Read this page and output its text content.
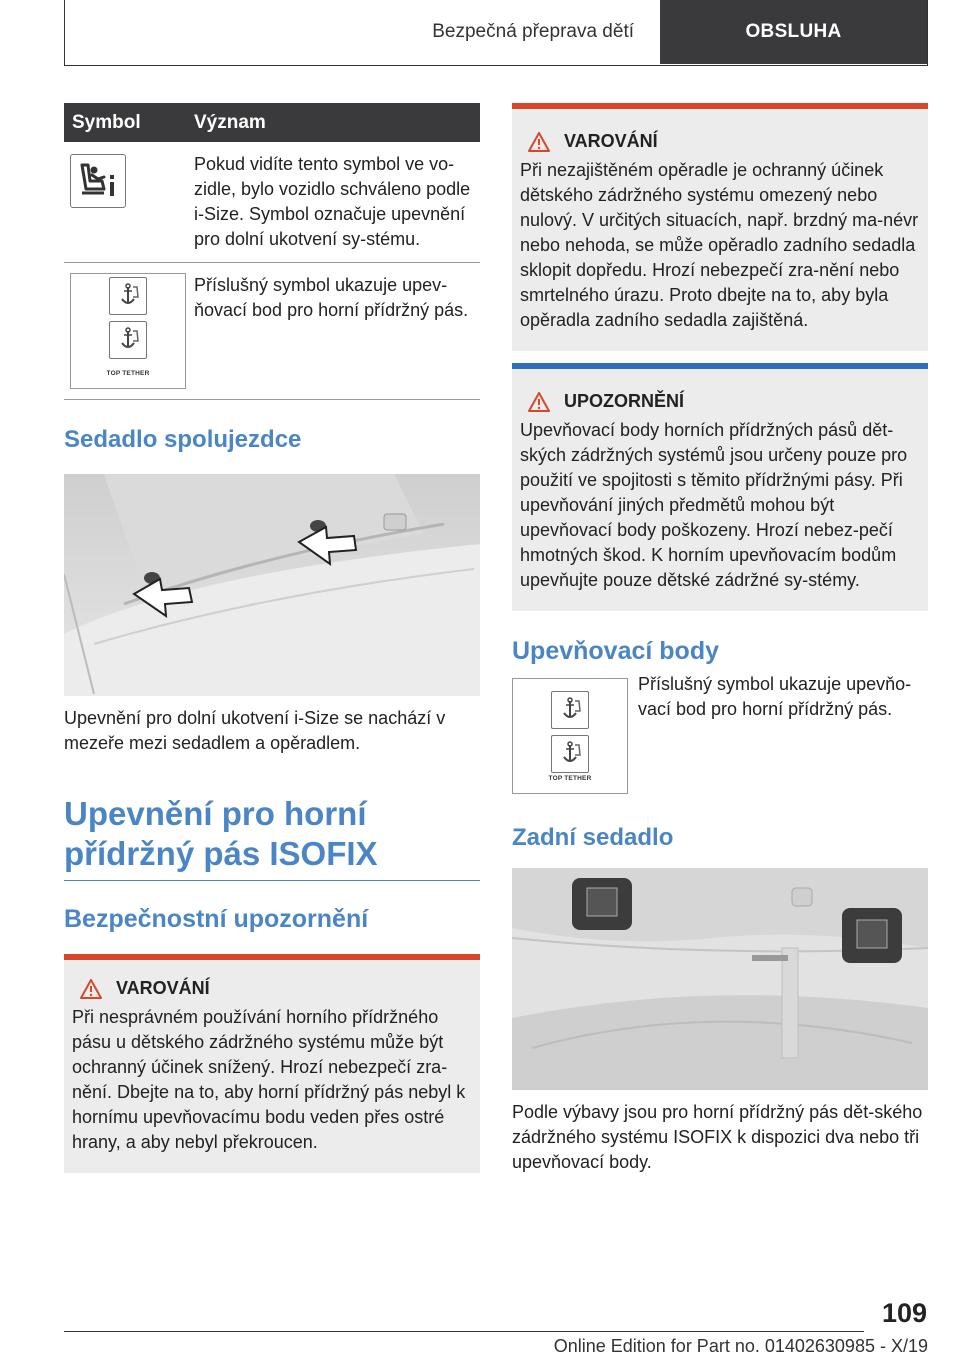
Bezpečná přeprava dětí	OBSLUHA
Symbol	Význam

	Pokud vidíte tento symbol ve vo-zidle, bylo vozidlo schváleno podle i-Size. Symbol označuje upevnění pro dolní ukotvení sy-stému.

TOP TETHER	Příslušný symbol ukazuje upev-ňovací bod pro horní přídržný pás.
Sedadlo spolujezdce
Upevnění pro dolní ukotvení i-Size se nachází v mezeře mezi sedadlem a opěradlem.
Upevnění pro horní přídržný pás ISOFIX
Bezpečnostní upozornění
VAROVÁNÍ
Při nesprávném používání horního přídržného pásu u dětského zádržného systému může být ochranný účinek snížený. Hrozí nebezpečí zra-nění. Dbejte na to, aby horní přídržný pás nebyl k hornímu upevňovacímu bodu veden přes ostré hrany, a aby nebyl překroucen.
VAROVÁNÍ
Při nezajištěném opěradle je ochranný účinek dětského zádržného systému omezený nebo nulový. V určitých situacích, např. brzdný ma-névr nebo nehoda, se může opěradlo zadního sedadla sklopit dopředu. Hrozí nebezpečí zra-nění nebo smrtelného úrazu. Proto dbejte na to, aby byla opěradla zadního sedadla zajištěná.
UPOZORNĚNÍ
Upevňovací body horních přídržných pásů dět-ských zádržných systémů jsou určeny pouze pro použití ve spojitosti s těmito přídržnými pásy. Při upevňování jiných předmětů mohou být upevňovací body poškozeny. Hrozí nebez-pečí hmotných škod. K horním upevňovacím bodům upevňujte pouze dětské zádržné sy-stémy.
Upevňovací body
TOP TETHER
Příslušný symbol ukazuje upevňo-vací bod pro horní přídržný pás.
Zadní sedadlo
Podle výbavy jsou pro horní přídržný pás dět-ského zádržného systému ISOFIX k dispozici dva nebo tři upevňovací body.
109
Online Edition for Part no. 01402630985 - X/19
